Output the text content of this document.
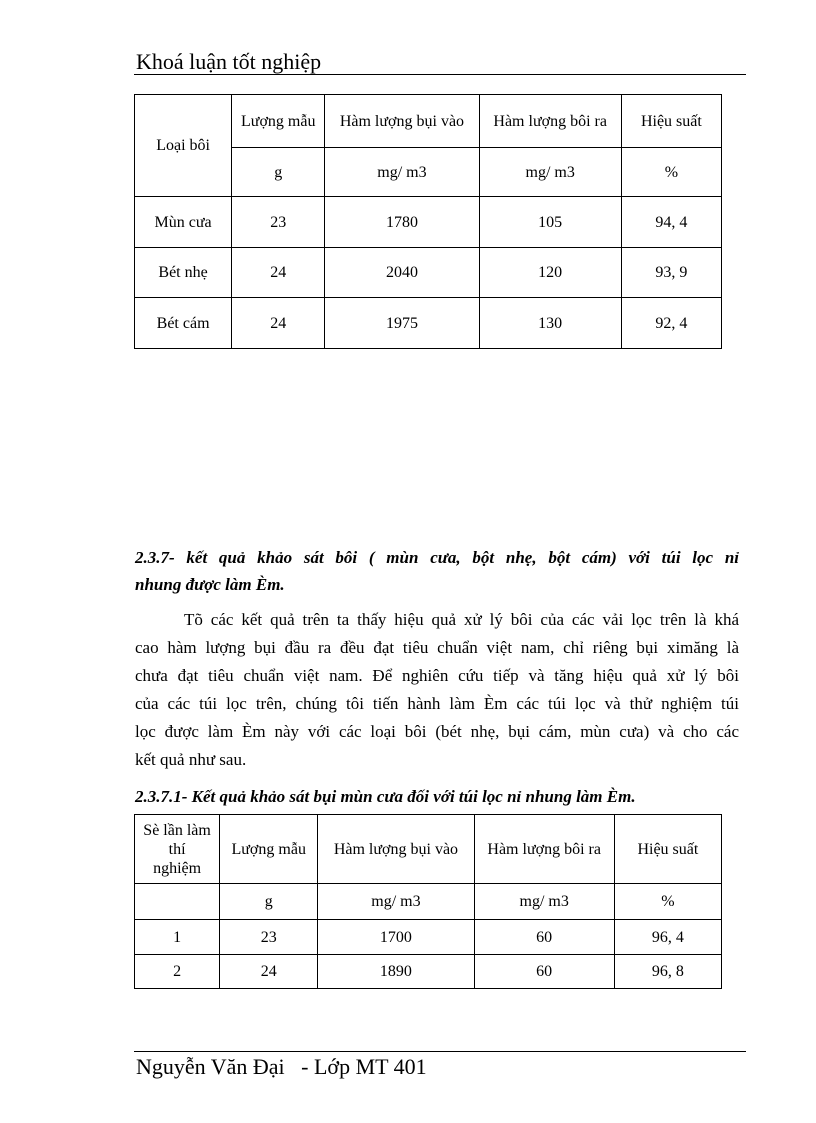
Khoá luận tốt nghiệp
Loại bôi	Lượng mẫu	Hàm lượng bụi vào	Hàm lượng bôi ra	Hiệu suất
	g	mg/ m3	mg/ m3	%
Mùn cưa	23	1780	105	94, 4
Bét nhẹ	24	2040	120	93, 9
Bét cám	24	1975	130	92, 4
2.3.7- kết quả khảo sát bôi ( mùn cưa, bột nhẹ, bột cám) với túi lọc nỉ
nhung được làm Èm.
Tõ các kết quả trên ta thấy hiệu quả xử lý bôi của các vải lọc trên là khá
cao hàm lượng bụi đầu ra đều đạt tiêu chuẩn việt nam, chỉ riêng bụi ximăng là
chưa đạt tiêu chuẩn việt nam. Để nghiên cứu tiếp và tăng hiệu quả xử lý bôi
của các túi lọc trên, chúng tôi tiến hành làm Èm các túi lọc và thử nghiệm túi
lọc được làm Èm này với các loại bôi (bét nhẹ, bụi cám, mùn cưa) và cho các
kết quả như sau.
2.3.7.1- Kết quả khảo sát bụi mùn cưa đối với túi lọc nỉ nhung làm Èm.
Sè lần làm thí nghiệm	Lượng mẫu	Hàm lượng bụi vào	Hàm lượng bôi ra	Hiệu suất
	g	mg/ m3	mg/ m3	%
1	23	1700	60	96, 4
2	24	1890	60	96, 8
Nguyễn Văn Đại   - Lớp MT 401
